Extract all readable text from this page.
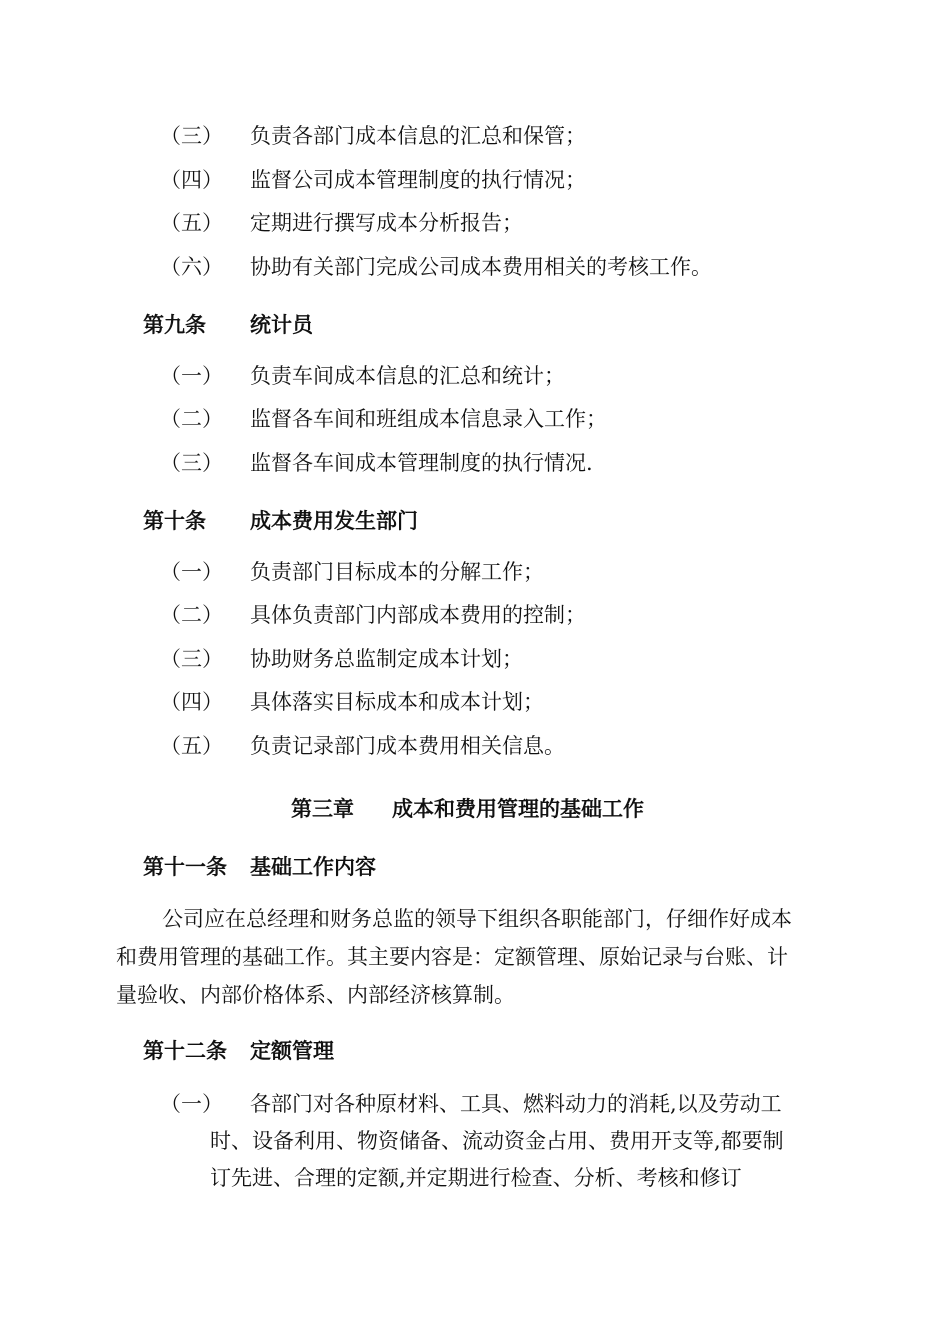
（三） 负责各部门成本信息的汇总和保管；
（四） 监督公司成本管理制度的执行情况；
（五） 定期进行撰写成本分析报告；
（六） 协助有关部门完成公司成本费用相关的考核工作。
第九条 统计员
（一） 负责车间成本信息的汇总和统计；
（二） 监督各车间和班组成本信息录入工作；
（三） 监督各车间成本管理制度的执行情况.
第十条 成本费用发生部门
（一） 负责部门目标成本的分解工作；
（二） 具体负责部门内部成本费用的控制；
（三） 协助财务总监制定成本计划；
（四） 具体落实目标成本和成本计划；
（五） 负责记录部门成本费用相关信息。
第三章 成本和费用管理的基础工作
第十一条 基础工作内容
公司应在总经理和财务总监的领导下组织各职能部门，仔细作好成本
和费用管理的基础工作。其主要内容是：定额管理、原始记录与台账、计
量验收、内部价格体系、内部经济核算制。
第十二条 定额管理
（一） 各部门对各种原材料、工具、燃料动力的消耗,以及劳动工
时、设备利用、物资储备、流动资金占用、费用开支等,都要制
订先进、合理的定额,并定期进行检查、分析、考核和修订
